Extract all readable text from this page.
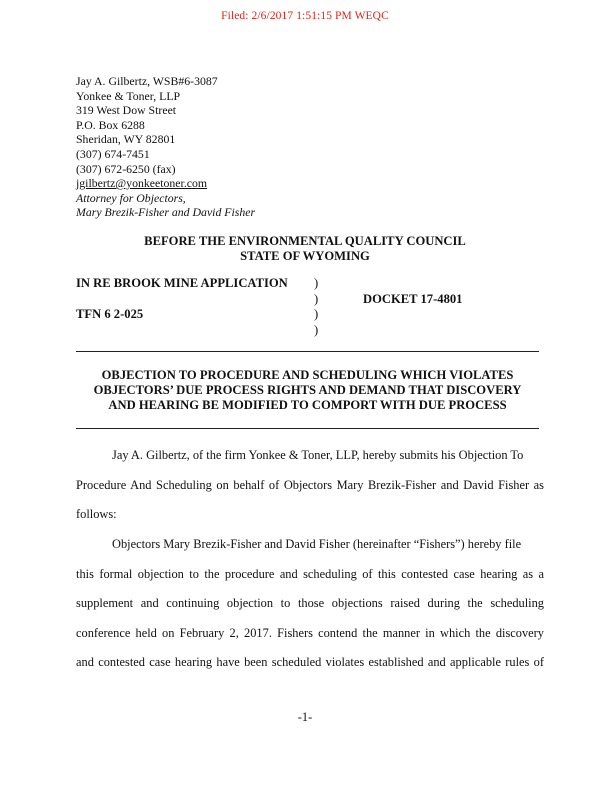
Filed: 2/6/2017 1:51:15 PM WEQC
Jay A. Gilbertz, WSB#6-3087
Yonkee & Toner, LLP
319 West Dow Street
P.O. Box 6288
Sheridan, WY 82801
(307) 674-7451
(307) 672-6250 (fax)
jgilbertz@yonkeetoner.com
Attorney for Objectors,
Mary Brezik-Fisher and David Fisher
BEFORE THE ENVIRONMENTAL QUALITY COUNCIL
STATE OF WYOMING
IN RE BROOK MINE APPLICATION
TFN 6 2-025
)
)
)
)
DOCKET 17-4801
OBJECTION TO PROCEDURE AND SCHEDULING WHICH VIOLATES
OBJECTORS’ DUE PROCESS RIGHTS AND DEMAND THAT DISCOVERY
AND HEARING BE MODIFIED TO COMPORT WITH DUE PROCESS
Jay A. Gilbertz, of the firm Yonkee & Toner, LLP, hereby submits his Objection To
Procedure And Scheduling on behalf of Objectors Mary Brezik-Fisher and David Fisher as
follows:
Objectors Mary Brezik-Fisher and David Fisher (hereinafter “Fishers”) hereby file
this formal objection to the procedure and scheduling of this contested case hearing as a
supplement and continuing objection to those objections raised during the scheduling
conference held on February 2, 2017. Fishers contend the manner in which the discovery
and contested case hearing have been scheduled violates established and applicable rules of
-1-
